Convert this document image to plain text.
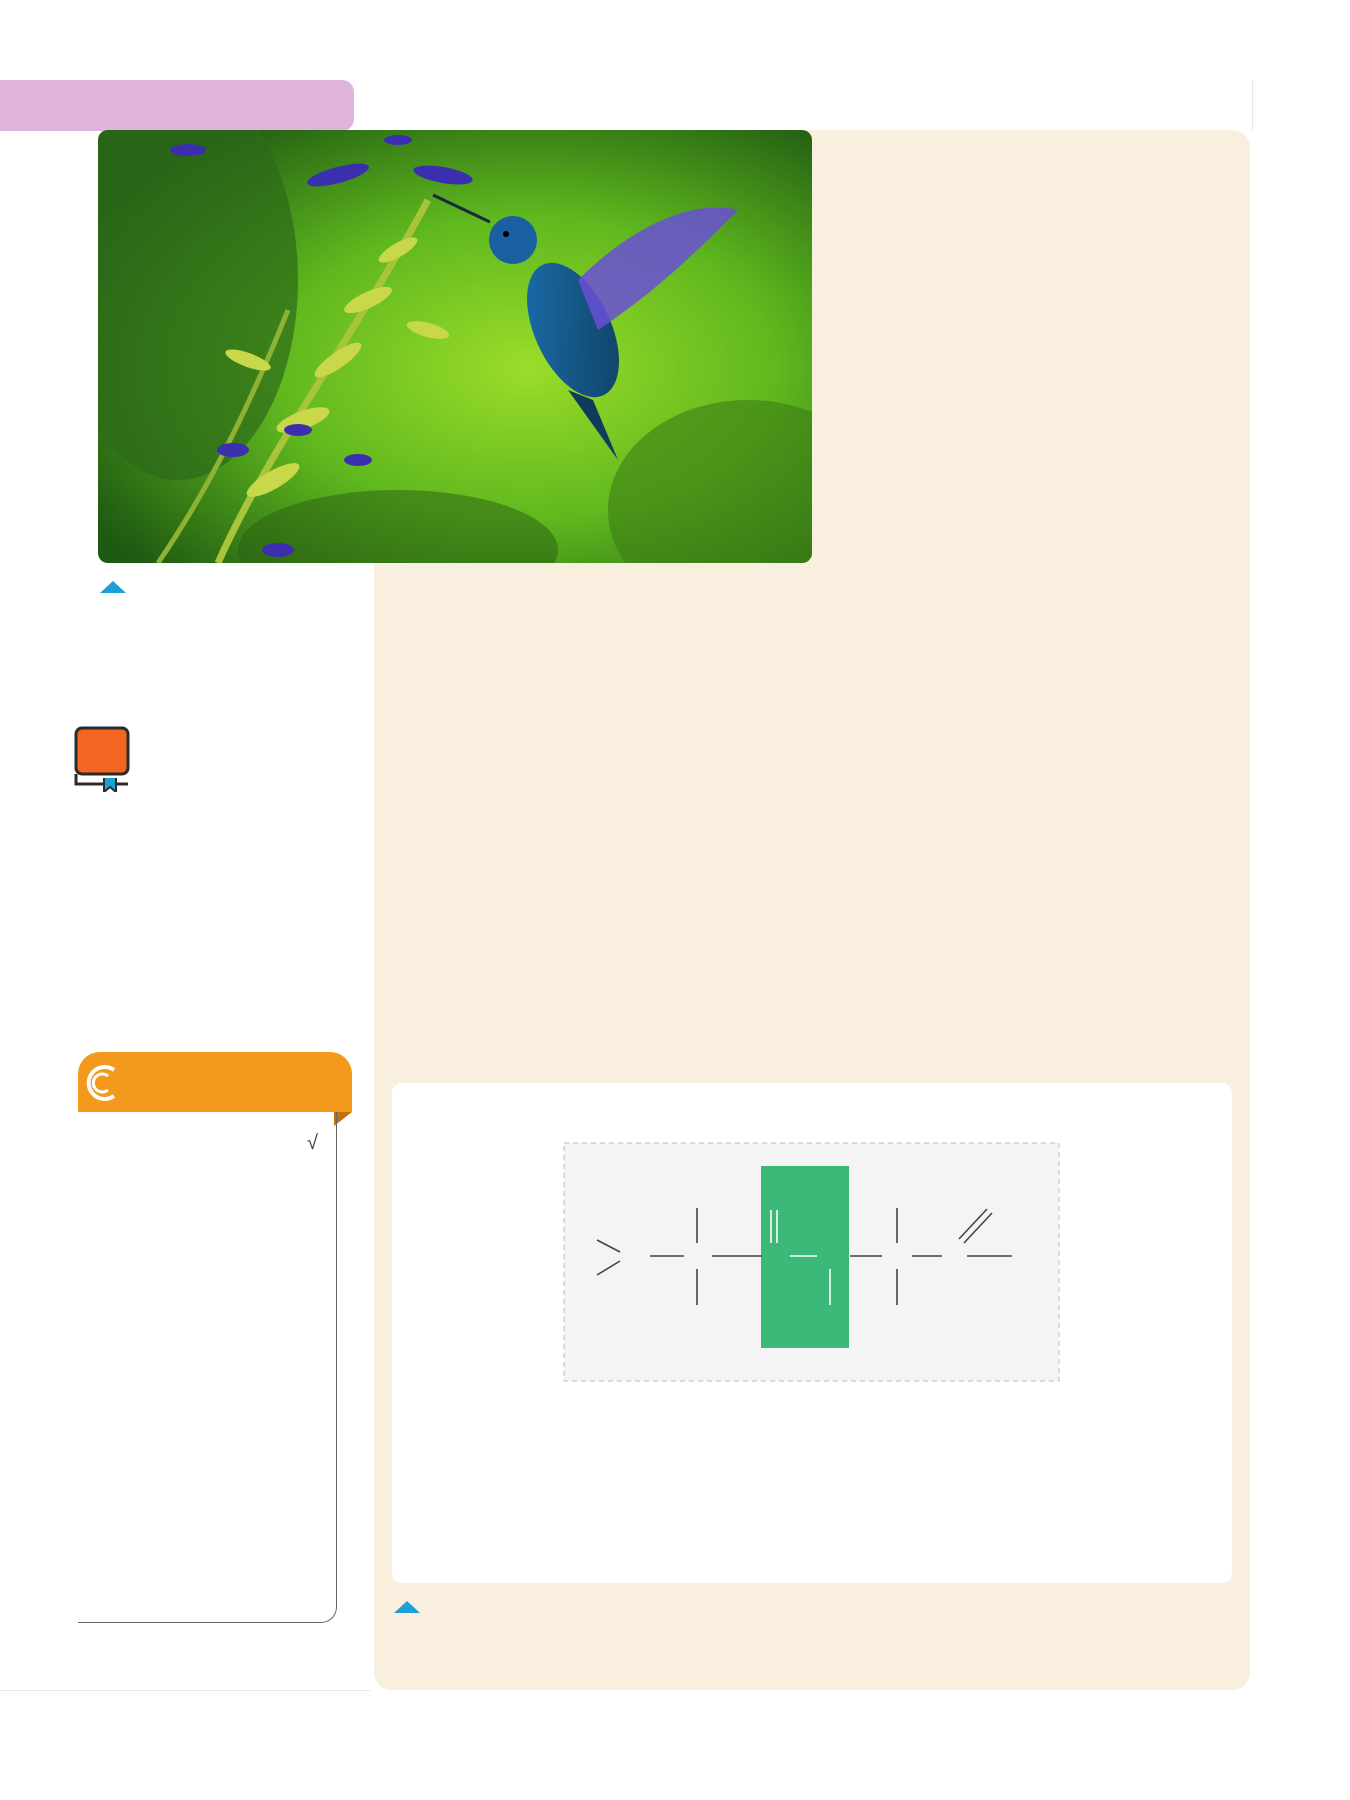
√
